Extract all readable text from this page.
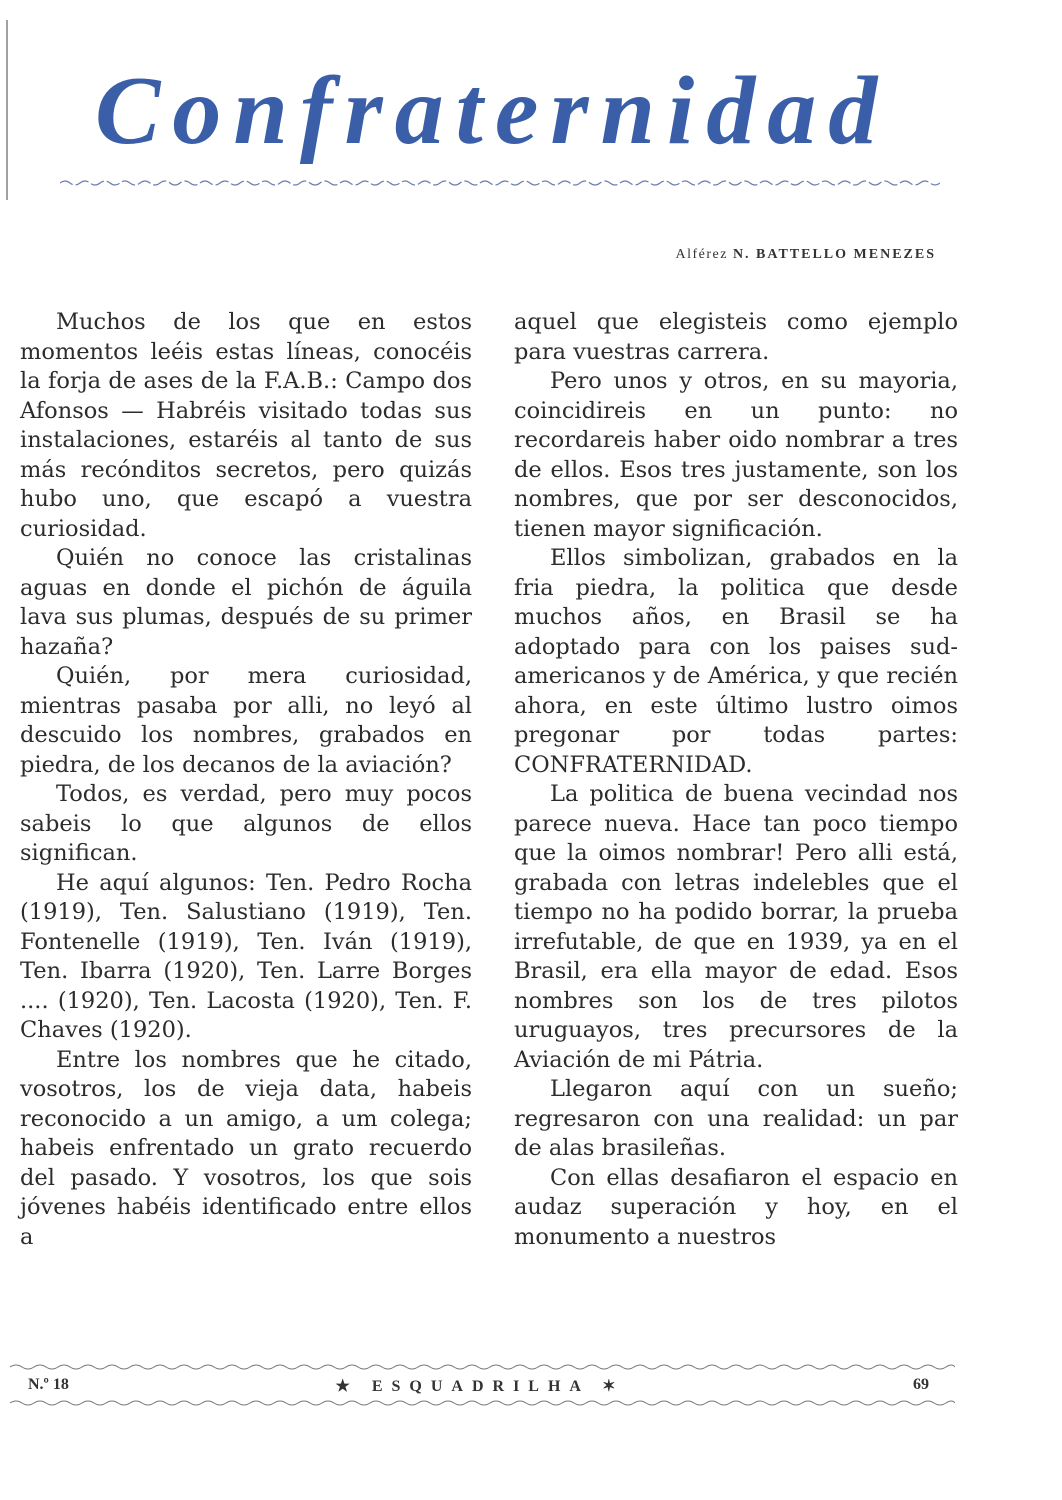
Confraternidad
Alférez N. BATTELLO MENEZES

Muchos de los que en estos momentos leéis estas líneas, conocéis la forja de ases de la F.A.B.: Campo dos Afonsos — Habréis visitado todas sus instalaciones, estaréis al tanto de sus más recónditos secretos, pero quizás hubo uno, que escapó a vuestra curiosidad.

Quién no conoce las cristalinas aguas en donde el pichón de águila lava sus plumas, después de su primer hazaña?

Quién, por mera curiosidad, mientras pasaba por alli, no leyó al descuido los nombres, grabados en piedra, de los decanos de la aviación?

Todos, es verdad, pero muy pocos sabeis lo que algunos de ellos significan.

He aquí algunos: Ten. Pedro Rocha (1919), Ten. Salustiano (1919), Ten. Fontenelle (1919), Ten. Iván (1919), Ten. Ibarra (1920), Ten. Larre Borges .... (1920), Ten. Lacosta (1920), Ten. F. Chaves (1920).

Entre los nombres que he citado, vosotros, los de vieja data, habeis reconocido a un amigo, a um colega; habeis enfrentado un grato recuerdo del pasado. Y vosotros, los que sois jóvenes habéis identificado entre ellos a

aquel que elegisteis como ejemplo para vuestras carrera.

Pero unos y otros, en su mayoria, coincidireis en un punto: no recordareis haber oido nombrar a tres de ellos. Esos tres justamente, son los nombres, que por ser desconocidos, tienen mayor significación.

Ellos simbolizan, grabados en la fria piedra, la politica que desde muchos años, en Brasil se ha adoptado para con los paises sud-americanos y de América, y que recién ahora, en este último lustro oimos pregonar por todas partes: CONFRATERNIDAD.

La politica de buena vecindad nos parece nueva. Hace tan poco tiempo que la oimos nombrar! Pero alli está, grabada con letras indelebles que el tiempo no ha podido borrar, la prueba irrefutable, de que en 1939, ya en el Brasil, era ella mayor de edad. Esos nombres son los de tres pilotos uruguayos, tres precursores de la Aviación de mi Pátria.

Llegaron aquí con un sueño; regresaron con una realidad: un par de alas brasileñas.

Con ellas desafiaron el espacio en audaz superación y hoy, en el monumento a nuestros

N.º 18	★ ESQUADRILHA ✶	69
